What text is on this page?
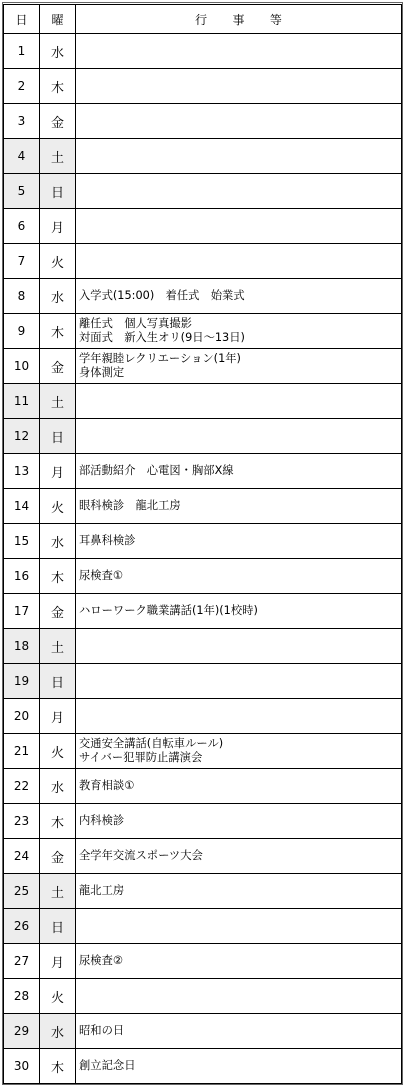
日	曜	行 事 等
1	水	

2	木	

3	金	

4	土	

5	日	

6	月	

7	火	

8	水	入学式(15:00)　着任式　始業式

9	木	離任式　個人写真撮影
対面式　新入生オリ(9日～13日)

10	金	学年親睦レクリエーション(1年)
身体測定

11	土	

12	日	

13	月	部活動紹介　心電図・胸部X線

14	火	眼科検診　龍北工房

15	水	耳鼻科検診

16	木	尿検査①

17	金	ハローワーク職業講話(1年)(1校時)

18	土	

19	日	

20	月	

21	火	交通安全講話(自転車ルール)
サイバー犯罪防止講演会

22	水	教育相談①

23	木	内科検診

24	金	全学年交流スポーツ大会

25	土	龍北工房

26	日	

27	月	尿検査②

28	火	

29	水	昭和の日

30	木	創立記念日
